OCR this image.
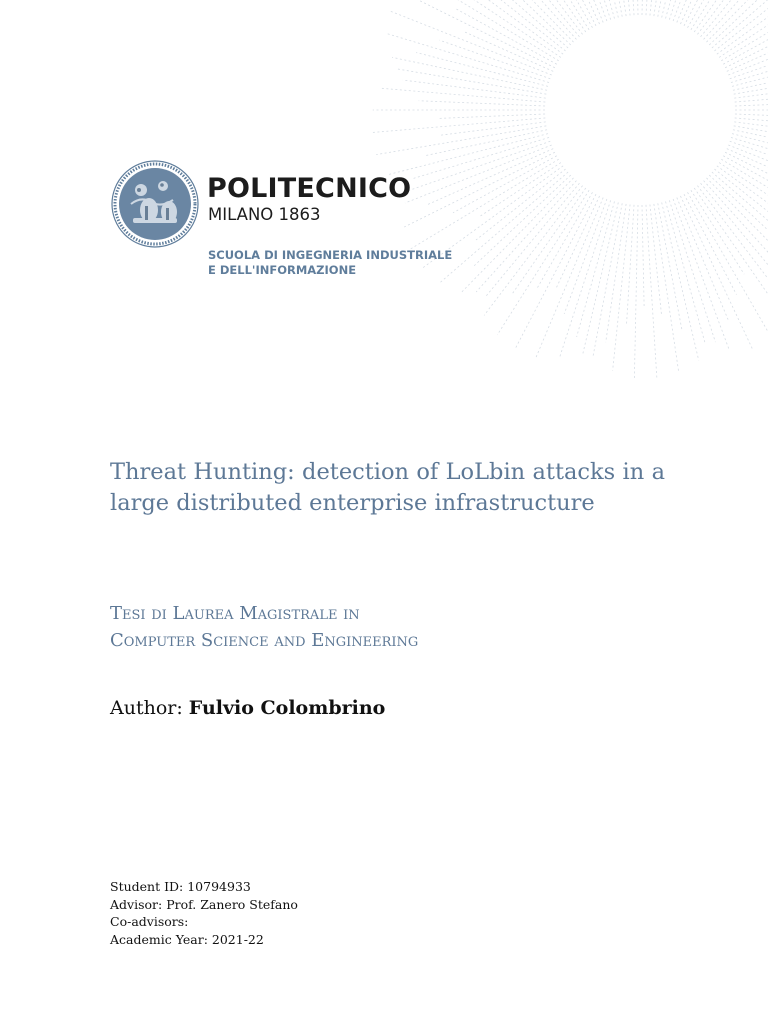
POLITECNICO
MILANO 1863
SCUOLA DI INGEGNERIA INDUSTRIALE
E DELL'INFORMAZIONE
Threat Hunting: detection of LoLbin attacks in a large distributed enterprise infrastructure
Tesi di Laurea Magistrale in
Computer Science and Engineering
Author: Fulvio Colombrino
Student ID: 10794933
Advisor: Prof. Zanero Stefano
Co-advisors:
Academic Year: 2021-22
